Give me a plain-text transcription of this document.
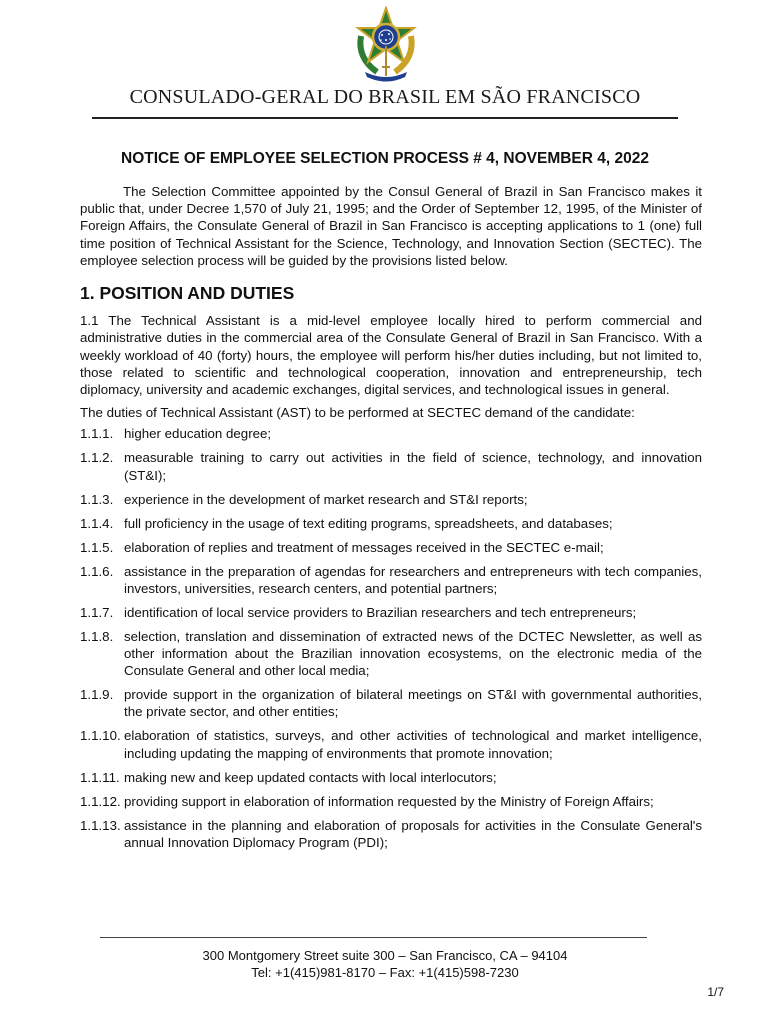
CONSULADO-GERAL DO BRASIL EM SÃO FRANCISCO
NOTICE OF EMPLOYEE SELECTION PROCESS # 4, NOVEMBER 4, 2022

The Selection Committee appointed by the Consul General of Brazil in San Francisco makes it public that, under Decree 1,570 of July 21, 1995; and the Order of September 12, 1995, of the Minister of Foreign Affairs, the Consulate General of Brazil in San Francisco is accepting applications to 1 (one) full time position of Technical Assistant for the Science, Technology, and Innovation Section (SECTEC). The employee selection process will be guided by the provisions listed below.

1. POSITION AND DUTIES

1.1 The Technical Assistant is a mid-level employee locally hired to perform commercial and administrative duties in the commercial area of the Consulate General of Brazil in San Francisco. With a weekly workload of 40 (forty) hours, the employee will perform his/her duties including, but not limited to, those related to scientific and technological cooperation, innovation and entrepreneurship, tech diplomacy, university and academic exchanges, digital services, and technological issues in general.

The duties of Technical Assistant (AST) to be performed at SECTEC demand of the candidate:

1.1.1. higher education degree;
1.1.2. measurable training to carry out activities in the field of science, technology, and innovation (ST&I);
1.1.3. experience in the development of market research and ST&I reports;
1.1.4. full proficiency in the usage of text editing programs, spreadsheets, and databases;
1.1.5. elaboration of replies and treatment of messages received in the SECTEC e-mail;
1.1.6. assistance in the preparation of agendas for researchers and entrepreneurs with tech companies, investors, universities, research centers, and potential partners;
1.1.7. identification of local service providers to Brazilian researchers and tech entrepreneurs;
1.1.8. selection, translation and dissemination of extracted news of the DCTEC Newsletter, as well as other information about the Brazilian innovation ecosystems, on the electronic media of the Consulate General and other local media;
1.1.9. provide support in the organization of bilateral meetings on ST&I with governmental authorities, the private sector, and other entities;
1.1.10. elaboration of statistics, surveys, and other activities of technological and market intelligence, including updating the mapping of environments that promote innovation;
1.1.11. making new and keep updated contacts with local interlocutors;
1.1.12. providing support in elaboration of information requested by the Ministry of Foreign Affairs;
1.1.13. assistance in the planning and elaboration of proposals for activities in the Consulate General's annual Innovation Diplomacy Program (PDI);
300 Montgomery Street suite 300 – San Francisco, CA – 94104
Tel: +1(415)981-8170 – Fax: +1(415)598-7230
1/7
